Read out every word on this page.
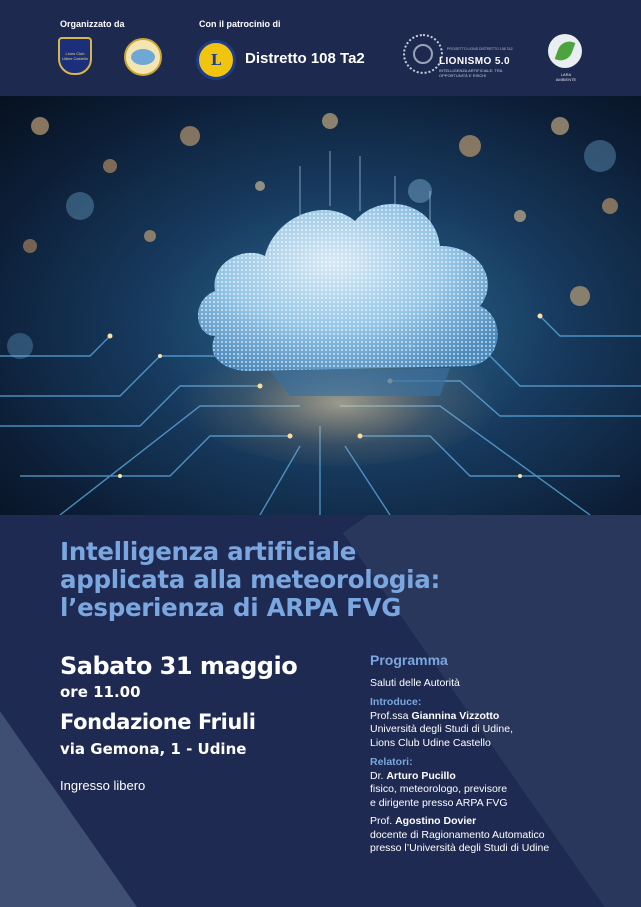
Organizzato da	Con il patrocinio di
Lions Club Udine Castello	L Distretto 108 Ta2
PROGETTO LIONS DISTRETTO 108 TA2
LIONISMO 5.0
INTELLIGENZA ARTIFICIALE: TRA OPPORTUNITÀ E RISCHI	LARA AMBIENTE
Intelligenza artificiale
applicata alla meteorologia:
l’esperienza di ARPA FVG
Sabato 31 maggio
ore 11.00
Fondazione Friuli
via Gemona, 1 - Udine
Ingresso libero
Programma
Saluti delle Autorità
Introduce:
Prof.ssa Giannina Vizzotto
Università degli Studi di Udine,
Lions Club Udine Castello
Relatori:
Dr. Arturo Pucillo
fisico, meteorologo, previsore
e dirigente presso ARPA FVG
Prof. Agostino Dovier
docente di Ragionamento Automatico
presso l’Università degli Studi di Udine
